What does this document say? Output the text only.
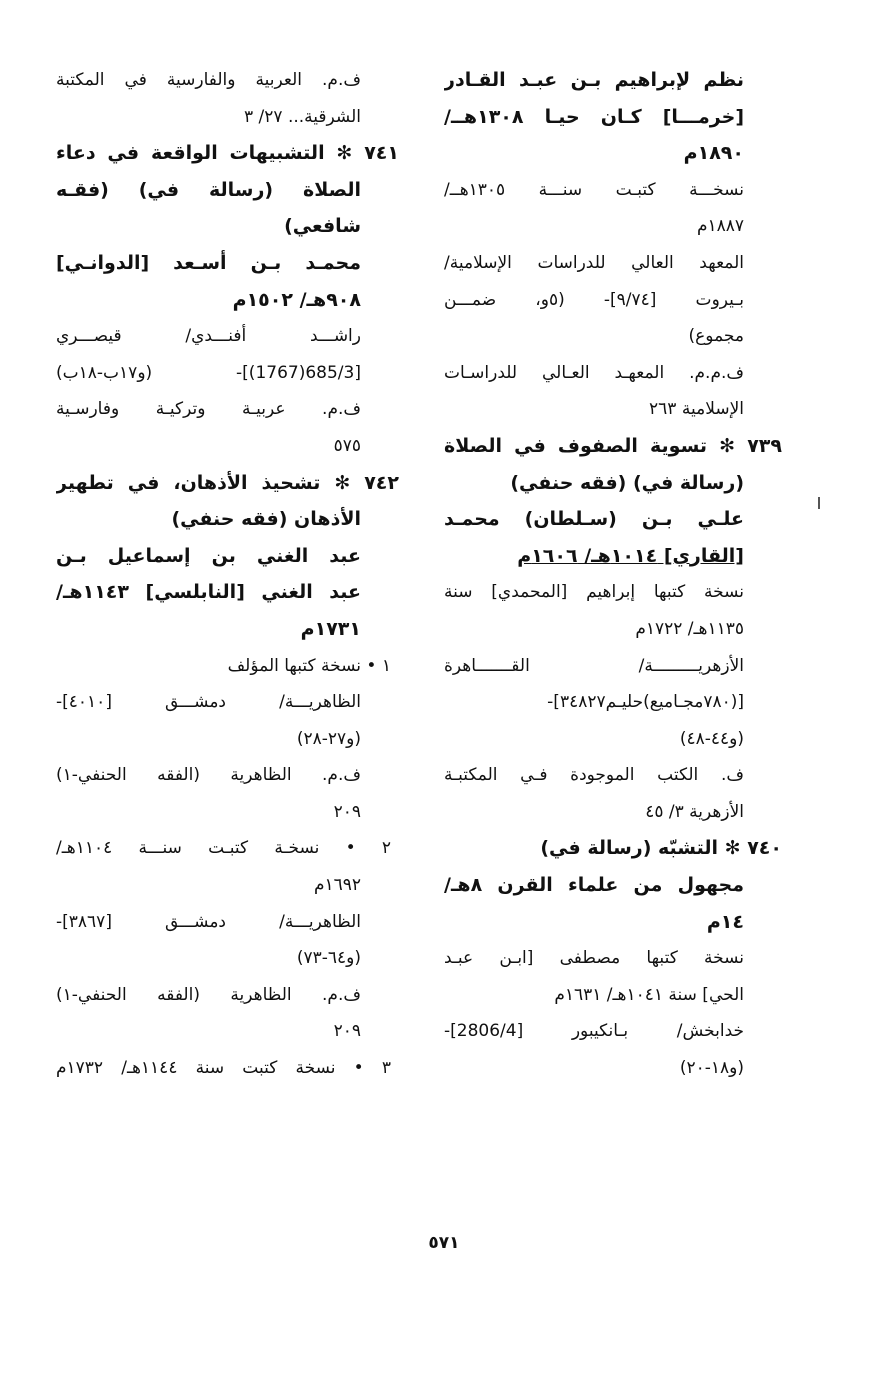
نظم لإبراهيم بـن عبـد القـادر
[خرمـــا] كـان حيـا ١٣٠٨هــ/
١٨٩٠م
نسخـــة كتبـت سنـــة ١٣٠٥هــ/
١٨٨٧م
المعهد العالي للدراسات الإسلامية/
بـيروت [٩/٧٤]- (٥و، ضمـــن
مجموع)
ف.م.م. المعهـد العـالي للدراسـات
الإسلامية ٢٦٣
٧٣٩ ✻ تسوية الصفوف في الصلاة
(رسالة في) (فقه حنفي)
علـي بـن (سـلطان) محمـد
[القاري] ١٠١٤هـ/ ١٦٠٦م
نسخة كتبها إبراهيم [المحمدي] سنة
١١٣٥هـ/ ١٧٢٢م
الأزهريـــــــــة/ القـــــــاهرة
[(٧٨٠مجـاميع)حليـم٣٤٨٢٧]-
(و٤٤-٤٨)
ف. الكتب الموجودة فـي المكتبـة
الأزهرية ٣/ ٤٥
٧٤٠ ✻ التشبّه (رسالة في)
مجهول من علماء القرن ٨هـ/
١٤م
نسخة كتبها مصطفى [ابـن عبـد
الحي] سنة ١٠٤١هـ/ ١٦٣١م
خدابخش/ بـانكيبور [2806/4]-
(و١٨-٢٠)
ف.م. العربية والفارسية في المكتبة
الشرقية... ٢٧/ ٣
٧٤١ ✻ التشبيهات الواقعة في دعاء
الصلاة (رسالة في) (فقـه
شافعي)
محمـد بـن أسـعد [الدوانـي]
٩٠٨هـ/ ١٥٠٢م
راشـــد أفنـــدي/ قيصـــري
[685/3(1767)]- (و١٧ب-١٨ب)
ف.م. عربيـة وتركيـة وفارسـية
٥٧٥
٧٤٢ ✻ تشحيذ الأذهان، في تطهير
الأذهان (فقه حنفي)
عبد الغني بن إسماعيل بـن
عبد الغني [النابلسي] ١١٤٣هـ/
١٧٣١م
١ • نسخة كتبها المؤلف
الظاهريـــة/ دمشـــق [٤٠١٠]-
(و٢٧-٢٨)
ف.م. الظاهرية (الفقه الحنفي-١)
٢٠٩
٢ • نسخـة كتبـت سنـــة ١١٠٤هـ/
١٦٩٢م
الظاهريـــة/ دمشـــق [٣٨٦٧]-
(و٦٤-٧٣)
ف.م. الظاهرية (الفقه الحنفي-١)
٢٠٩
٣ • نسخة كتبت سنة ١١٤٤هـ/ ١٧٣٢م
٥٧١
